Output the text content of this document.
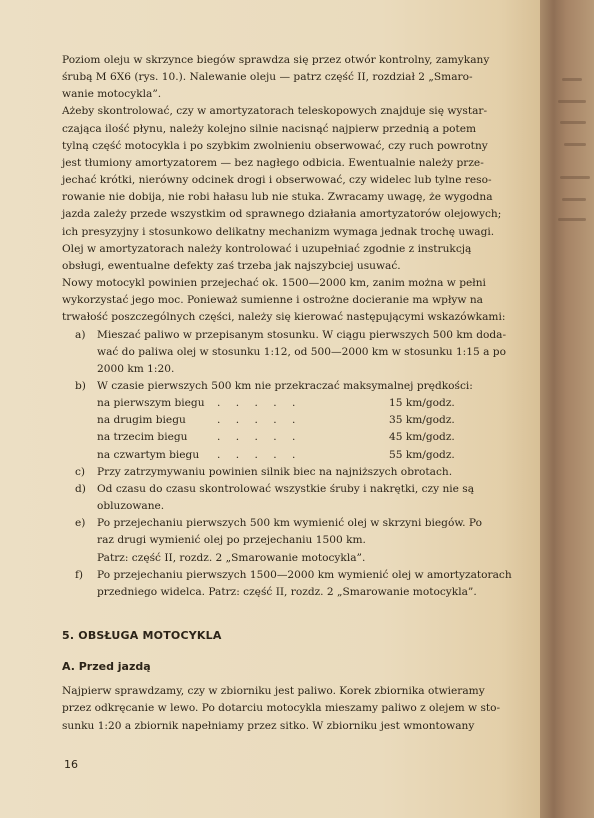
Poziom oleju w skrzynce biegów sprawdza się przez otwór kontrolny, zamykany
śrubą M 6X6 (rys. 10.). Nalewanie oleju — patrz część II, rozdział 2 „Smaro-
wanie motocykla”.

Ażeby skontrolować, czy w amortyzatorach teleskopowych znajduje się wystar-
czająca ilość płynu, należy kolejno silnie nacisnąć najpierw przednią a potem
tylną część motocykla i po szybkim zwolnieniu obserwować, czy ruch powrotny
jest tłumiony amortyzatorem — bez nagłego odbicia. Ewentualnie należy prze-
jechać krótki, nierówny odcinek drogi i obserwować, czy widelec lub tylne reso-
rowanie nie dobija, nie robi hałasu lub nie stuka. Zwracamy uwagę, że wygodna
jazda zależy przede wszystkim od sprawnego działania amortyzatorów olejowych;
ich presyzyjny i stosunkowo delikatny mechanizm wymaga jednak trochę uwagi.
Olej w amortyzatorach należy kontrolować i uzupełniać zgodnie z instrukcją
obsługi, ewentualne defekty zaś trzeba jak najszybciej usuwać.

Nowy motocykl powinien przejechać ok. 1500—2000 km, zanim można w pełni
wykorzystać jego moc. Ponieważ sumienne i ostrożne docieranie ma wpływ na
trwałość poszczególnych części, należy się kierować następującymi wskazówkami:

a) Mieszać paliwo w przepisanym stosunku. W ciągu pierwszych 500 km doda-
wać do paliwa olej w stosunku 1:12, od 500—2000 km w stosunku 1:15 a po
2000 km 1:20.
b) W czasie pierwszych 500 km nie przekraczać maksymalnej prędkości:
na pierwszym biegu	. . . . .	15 km/godz.
na drugim biegu	. . . . .	35 km/godz.
na trzecim biegu	. . . . .	45 km/godz.
na czwartym biegu	. . . . .	55 km/godz.
c) Przy zatrzymywaniu powinien silnik biec na najniższych obrotach.
d) Od czasu do czasu skontrolować wszystkie śruby i nakrętki, czy nie są
obluzowane.
e) Po przejechaniu pierwszych 500 km wymienić olej w skrzyni biegów. Po
raz drugi wymienić olej po przejechaniu 1500 km.
Patrz: część II, rozdz. 2 „Smarowanie motocykla”.
f) Po przejechaniu pierwszych 1500—2000 km wymienić olej w amortyzatorach
przedniego widelca. Patrz: część II, rozdz. 2 „Smarowanie motocykla”.
5. OBSŁUGA MOTOCYKLA
A. Przed jazdą

Najpierw sprawdzamy, czy w zbiorniku jest paliwo. Korek zbiornika otwieramy
przez odkręcanie w lewo. Po dotarciu motocykla mieszamy paliwo z olejem w sto-
sunku 1:20 a zbiornik napełniamy przez sitko. W zbiorniku jest wmontowany

16
